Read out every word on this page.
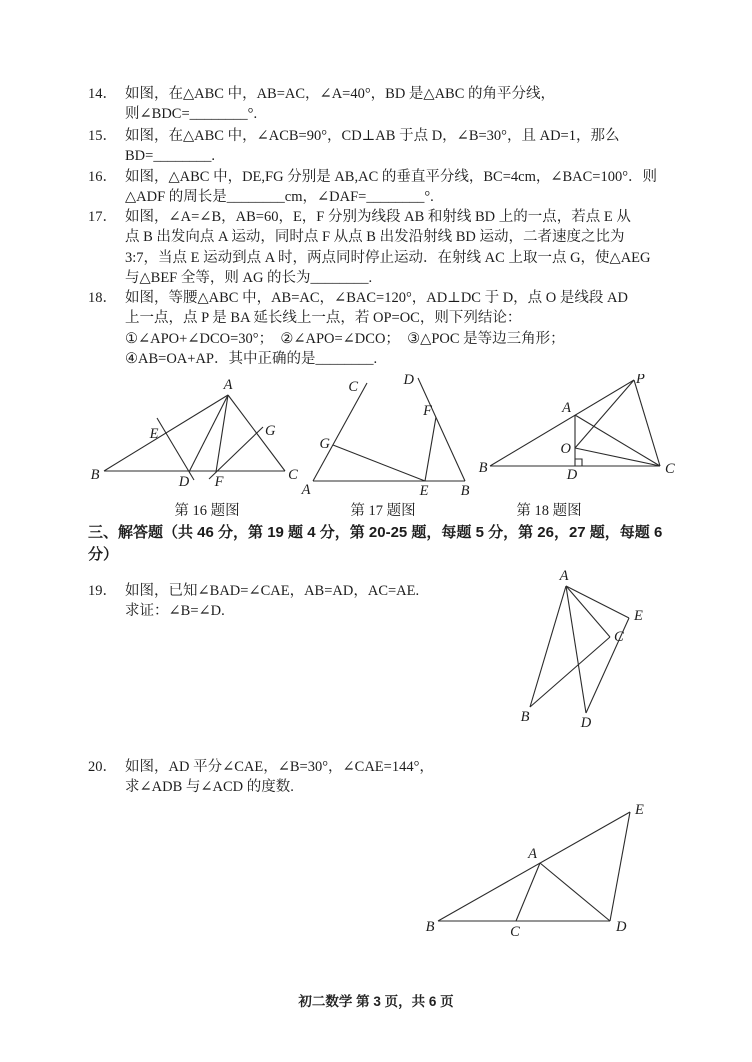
14． 如图，在△ABC 中，AB=AC，∠A=40°，BD 是△ABC 的角平分线，
则∠BDC=________°.
15． 如图，在△ABC 中，∠ACB=90°，CD⊥AB 于点 D，∠B=30°，且 AD=1，那么
BD=________.
16． 如图，△ABC 中，DE,FG 分别是 AB,AC 的垂直平分线，BC=4cm，∠BAC=100°．则
△ADF 的周长是________cm，∠DAF=________°.
17． 如图，∠A=∠B，AB=60，E，F 分别为线段 AB 和射线 BD 上的一点，若点 E 从
点 B 出发向点 A 运动，同时点 F 从点 B 出发沿射线 BD 运动，二者速度之比为
3:7，当点 E 运动到点 A 时，两点同时停止运动．在射线 AC 上取一点 G，使△AEG
与△BEF 全等，则 AG 的长为________.
18． 如图，等腰△ABC 中，AB=AC，∠BAC=120°，AD⊥DC 于 D，点 O 是线段 AD
上一点，点 P 是 BA 延长线上一点，若 OP=OC，则下列结论：
①∠APO+∠DCO=30°；　②∠APO=∠DCO；　③△POC 是等边三角形；
④AB=OA+AP．其中正确的是________.
A
B	C
D F
E	G
A	B
E
C	D
F
G
B	C
D
A
O
P
第 16 题图	第 17 题图	第 18 题图
三、解答题（共 46 分，第 19 题 4 分，第 20-25 题，每题 5 分，第 26，27 题，每题 6
分）
19． 如图，已知∠BAD=∠CAE，AB=AD，AC=AE.
求证：∠B=∠D.
A
E
C
B	D
20． 如图，AD 平分∠CAE，∠B=30°，∠CAE=144°，
求∠ADB 与∠ACD 的度数.
B	C	D
A
E
初二数学 第 3 页，共 6 页
